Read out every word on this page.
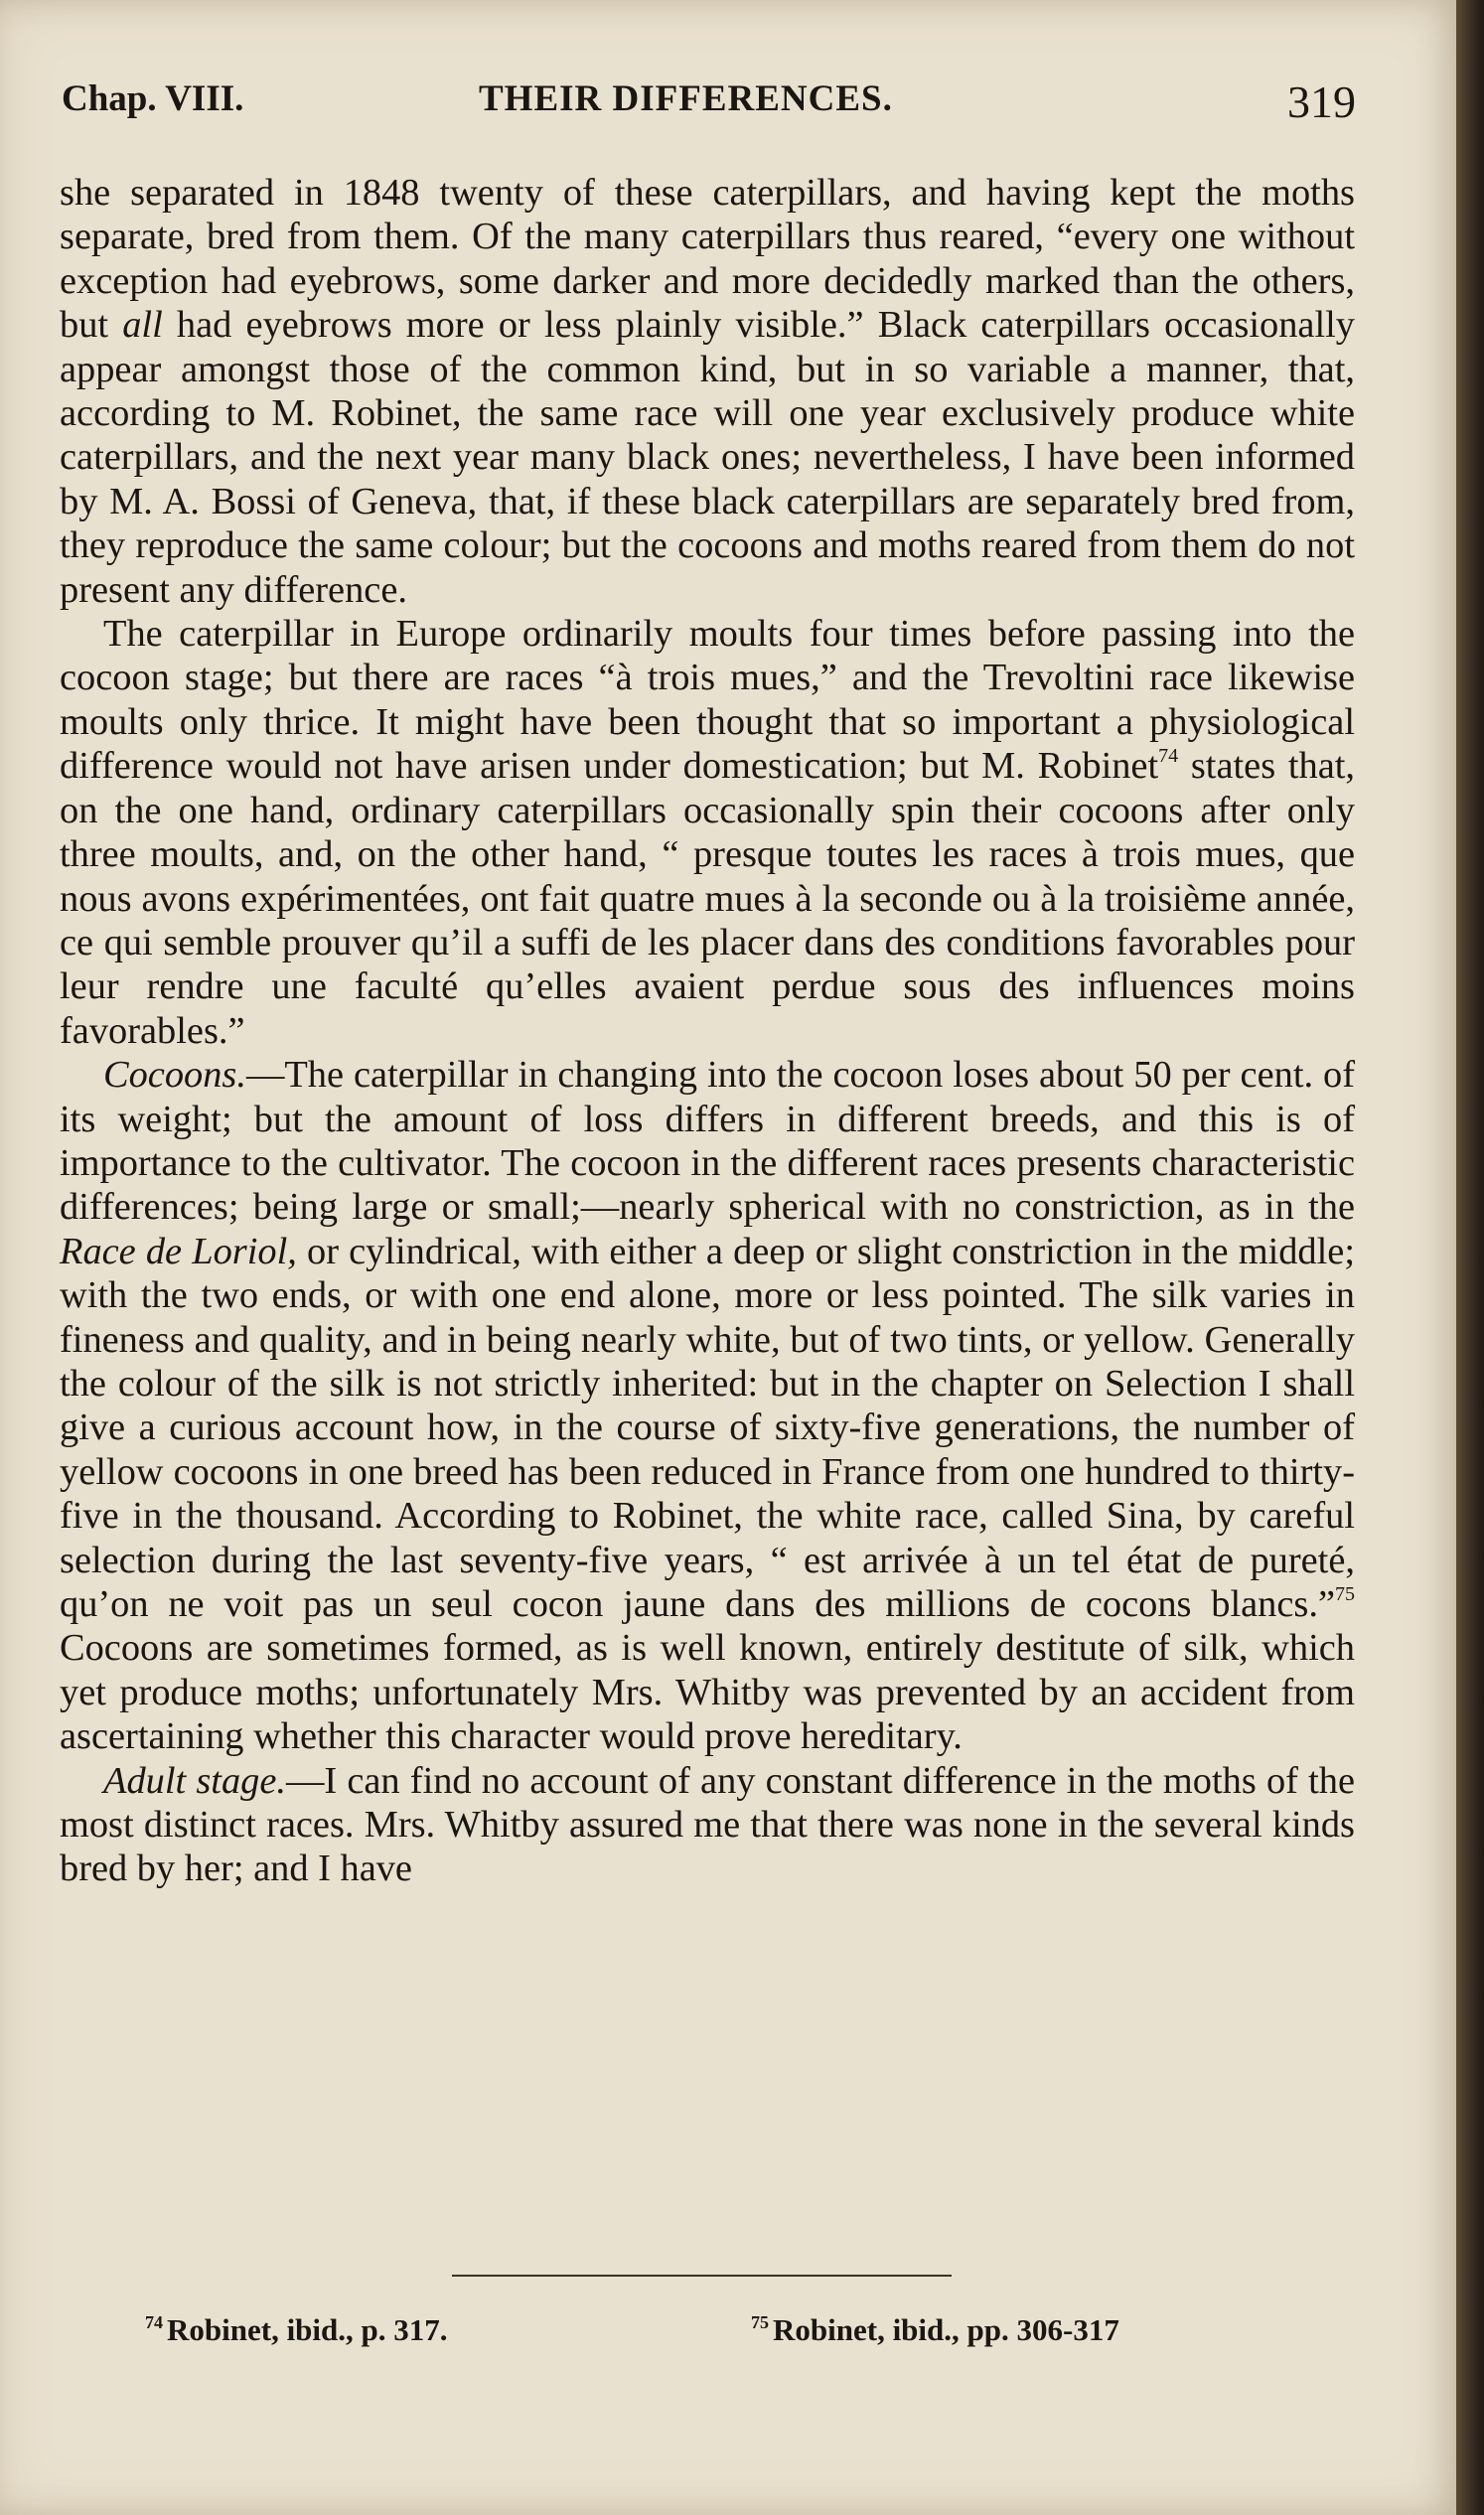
Chap. VIII.	THEIR DIFFERENCES.	319

she separated in 1848 twenty of these caterpillars, and having kept the moths separate, bred from them. Of the many caterpillars thus reared, “every one without exception had eyebrows, some darker and more decidedly marked than the others, but all had eyebrows more or less plainly visible.” Black caterpillars occasionally appear amongst those of the common kind, but in so variable a manner, that, according to M. Robinet, the same race will one year exclusively produce white caterpillars, and the next year many black ones; nevertheless, I have been informed by M. A. Bossi of Geneva, that, if these black caterpillars are separately bred from, they reproduce the same colour; but the cocoons and moths reared from them do not present any difference.

The caterpillar in Europe ordinarily moults four times before passing into the cocoon stage; but there are races “à trois mues,” and the Trevoltini race likewise moults only thrice. It might have been thought that so important a physiological difference would not have arisen under domestication; but M. Robinet$^{74}$ states that, on the one hand, ordinary caterpillars occasionally spin their cocoons after only three moults, and, on the other hand, “ presque toutes les races à trois mues, que nous avons expérimentées, ont fait quatre mues à la seconde ou à la troisième année, ce qui semble prouver qu’il a suffi de les placer dans des conditions favorables pour leur rendre une faculté qu’elles avaient perdue sous des influences moins favorables.”

Cocoons.—The caterpillar in changing into the cocoon loses about 50 per cent. of its weight; but the amount of loss differs in different breeds, and this is of importance to the cultivator. The cocoon in the different races presents characteristic differences; being large or small;—nearly spherical with no constriction, as in the Race de Loriol, or cylindrical, with either a deep or slight constriction in the middle; with the two ends, or with one end alone, more or less pointed. The silk varies in fineness and quality, and in being nearly white, but of two tints, or yellow. Generally the colour of the silk is not strictly inherited: but in the chapter on Selection I shall give a curious account how, in the course of sixty-five generations, the number of yellow cocoons in one breed has been reduced in France from one hundred to thirty-five in the thousand. According to Robinet, the white race, called Sina, by careful selection during the last seventy-five years, “ est arrivée à un tel état de pureté, qu’on ne voit pas un seul cocon jaune dans des millions de cocons blancs.”$^{75}$ Cocoons are sometimes formed, as is well known, entirely destitute of silk, which yet produce moths; unfortunately Mrs. Whitby was prevented by an accident from ascertaining whether this character would prove hereditary.

Adult stage.—I can find no account of any constant difference in the moths of the most distinct races. Mrs. Whitby assured me that there was none in the several kinds bred by her; and I have

$^{74}$ Robinet, ibid., p. 317.	$^{75}$ Robinet, ibid., pp. 306-317
